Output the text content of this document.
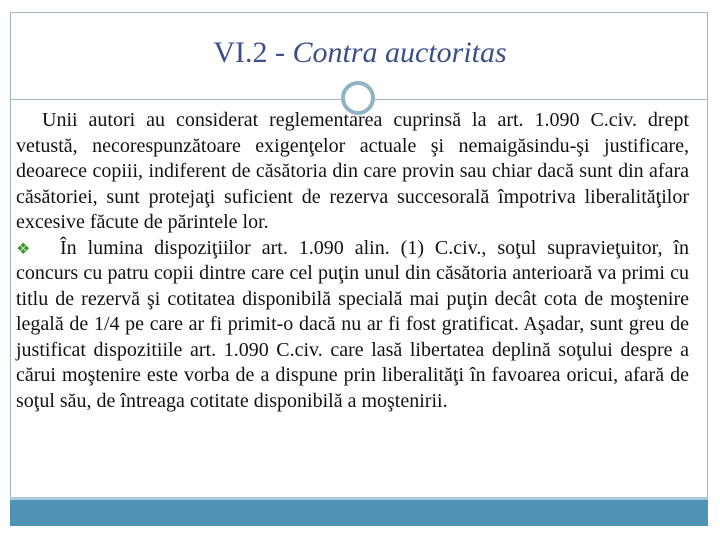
VI.2 - Contra auctoritas

Unii autori au considerat reglementarea cuprinsă la art. 1.090 C.civ. drept vetustă, necorespunzătoare exigenţelor actuale şi nemaigăsindu-şi justificare, deoarece copiii, indiferent de căsătoria din care provin sau chiar dacă sunt din afara căsătoriei, sunt protejaţi suficient de rezerva succesorală împotriva liberalităţilor excesive făcute de părintele lor.

❖ În lumina dispoziţiilor art. 1.090 alin. (1) C.civ., soţul supravieţuitor, în concurs cu patru copii dintre care cel puţin unul din căsătoria anterioară va primi cu titlu de rezervă şi cotitatea disponibilă specială mai puţin decât cota de moştenire legală de 1/4 pe care ar fi primit-o dacă nu ar fi fost gratificat. Aşadar, sunt greu de justificat dispozitiile art. 1.090 C.civ. care lasă libertatea deplină soţului despre a cărui moştenire este vorba de a dispune prin liberalităţi în favoarea oricui, afară de soţul său, de întreaga cotitate disponibilă a moştenirii.
